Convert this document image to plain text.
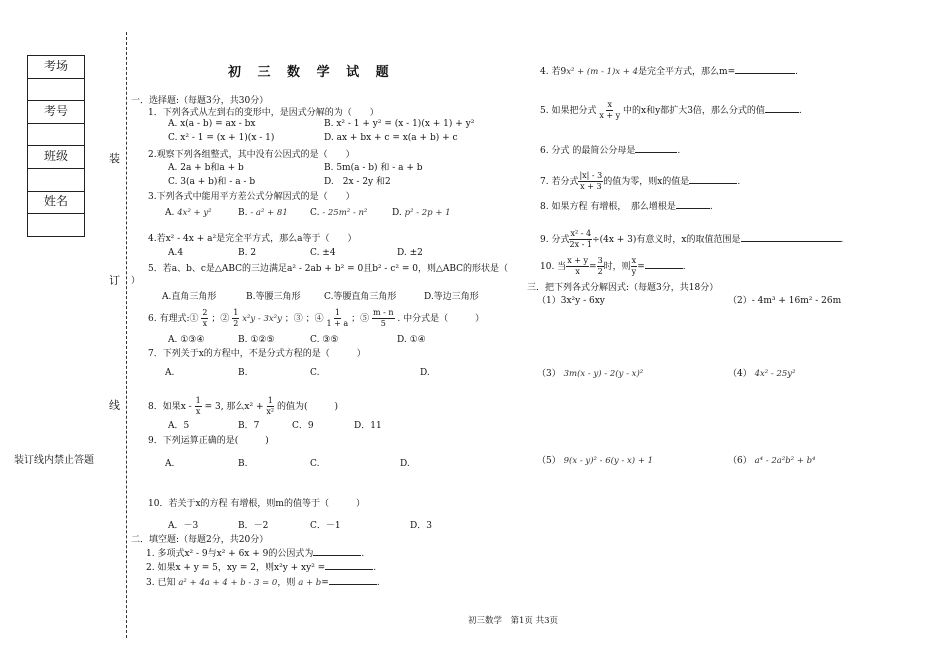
考场

考号

班级

姓名

装
订
线
装订线内禁止答题
初 三 数 学 试 题
一．选择题:（每题3分，共30分）
1．下列各式从左到右的变形中，是因式分解的为（　　）
A. x(a - b) = ax - bx	B. x² - 1 + y² = (x - 1)(x + 1) + y²
C. x² - 1 = (x + 1)(x - 1)	D. ax + bx + c = x(a + b) + c
2.观察下列各组整式，其中没有公因式的是（　　）
A. 2a + b和a + b	B. 5m(a - b) 和 - a + b
C. 3(a + b)和 - a - b	D.　2x - 2y 和2
3.下列各式中能用平方差公式分解因式的是（　　）
A. 4x² + y²	B. - a² + 81 C. - 25m² - n²	D. p² - 2p + 1
4.若x² - 4x + a²是完全平方式，那么a等于（　　）
A.4	B. 2	C. ±4	D. ±2
5．若a、b、c是△ABC的三边满足a² - 2ab + b² = 0且b² - c² = 0，则△ABC的形状是（
）
A.直角三角形	B.等腰三角形	C.等腰直角三角形	D.等边三角形
6. 有理式:① $\frac{2}{x}$ ；② $\frac{1}{2} x^2y - 3x^2y$ ；③ ；④ $\frac{1}{1 + a}$ ；⑤ $\frac{m - n}{5}$ . 中分式是（　　　）
A. ①③④	B. ①②⑤	C. ③⑤	D. ①④
7．下列关于x的方程中，不是分式方程的是（　　　）
A.	B.	C.	D.
8．如果$x - \frac{1}{x} = 3$, 那么$x^2 + \frac{1}{\text{x²}}$ 的值为(　　　)
A．5	B．7	C．9	D．11
9．下列运算正确的是(　　　)
A.	B.	C.	D.
10．若关于x的方程 有增根，则m的值等于（　　　）
A．－3	B．－2	C．－1	D．3
二．填空题:（每题2分，共20分）
1. 多项式x² - 9与x² + 6x + 9的公因式为	.
2. 如果x + y = 5，xy = 2，则x²y + xy² =	.
3. 已知 a² + 4a + 4 + b - 3 = 0，则 a + b=	.
4. 若9x² + (m - 1)x + 4是完全平方式，那么m=	.
5. 如果把分式 $\frac{x}{x + y}$ 中的x和y都扩大3倍，那么分式的值	.
6. 分式 的最简公分母是	.
7. 若分式 $\frac{|x| - 3}{x + 3}$ 的值为零，则x的值是	.
8. 如果方程 有增根，　那么增根是	.
9. 分式 $\frac{\text{x² - 4}}{2x - 1} \div(4x + 3)$有意义时，x的取值范围是	.
10. 当 $\frac{x + y}{x} = \frac{3}{2}$ 时，则 $\frac{x}{y}$ =	.
三．把下列各式分解因式:（每题3分，共18分）
（1）3x²y - 6xy	（2）- 4m³ + 16m² - 26m
（3） 3m(x - y) - 2(y - x)²	（4） 4x² - 25y²
（5） 9(x - y)² - 6(y - x) + 1	（6） a⁴ - 2a²b² + b⁴
初三数学　第1页 共3页
